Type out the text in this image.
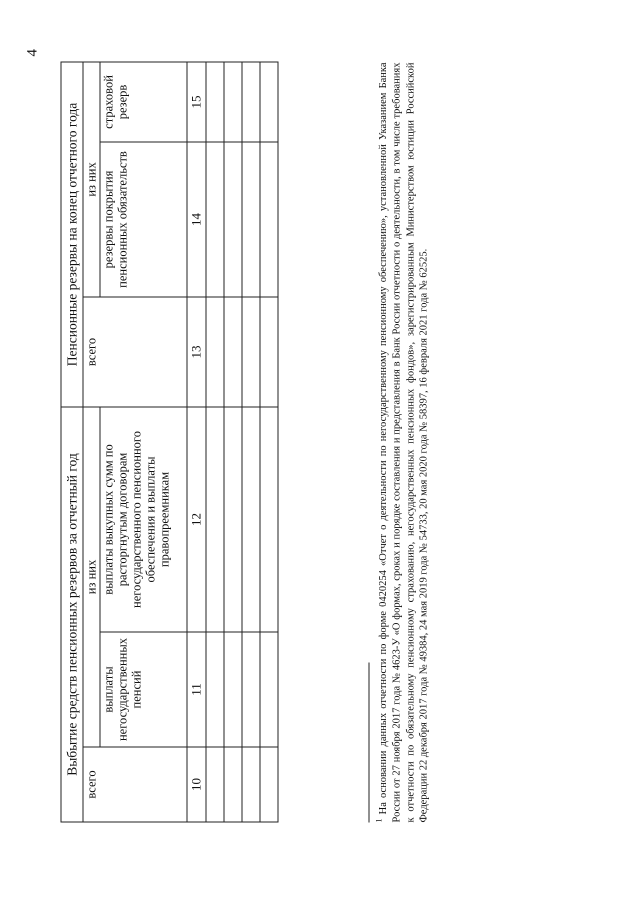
4
Выбытие средств пенсионных резервов за отчетный год			Пенсионные резервы на конец отчетного года		
всего	из них		всего	из них	
	выплаты негосударственных пенсий	выплаты выкупных сумм по расторгнутым договорам негосударственного пенсионного обеспечения и выплаты правопреемникам		резервы покрытия пенсионных обязательств	страховой резерв
10	11	12	13	14	15

$^1$ На основании данных отчетности по форме 0420254 «Отчет о деятельности по негосударственному пенсионному обеспечению», установленной Указанием Банка России от 27 ноября 2017 года № 4623-У «О формах, сроках и порядке составления и представления в Банк России отчетности о деятельности, в том числе требованиях к отчетности по обязательному пенсионному страхованию, негосударственных пенсионных фондов», зарегистрированным Министерством юстиции Российской Федерации 22 декабря 2017 года № 49384, 24 мая 2019 года № 54733, 20 мая 2020 года № 58397, 16 февраля 2021 года № 62525.
